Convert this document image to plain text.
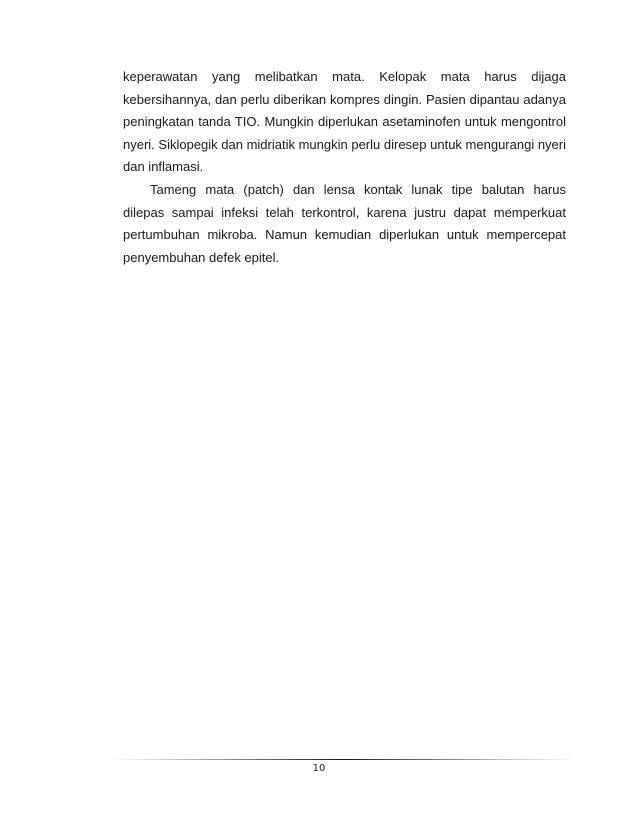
keperawatan yang melibatkan mata. Kelopak mata harus dijaga
kebersihannya, dan perlu diberikan kompres dingin. Pasien dipantau adanya
peningkatan tanda TIO. Mungkin diperlukan asetaminofen untuk mengontrol
nyeri. Siklopegik dan midriatik mungkin perlu diresep untuk mengurangi nyeri
dan inflamasi.

Tameng mata (patch) dan lensa kontak lunak tipe balutan harus
dilepas sampai infeksi telah terkontrol, karena justru dapat memperkuat
pertumbuhan mikroba. Namun kemudian diperlukan untuk mempercepat
penyembuhan defek epitel.

10
